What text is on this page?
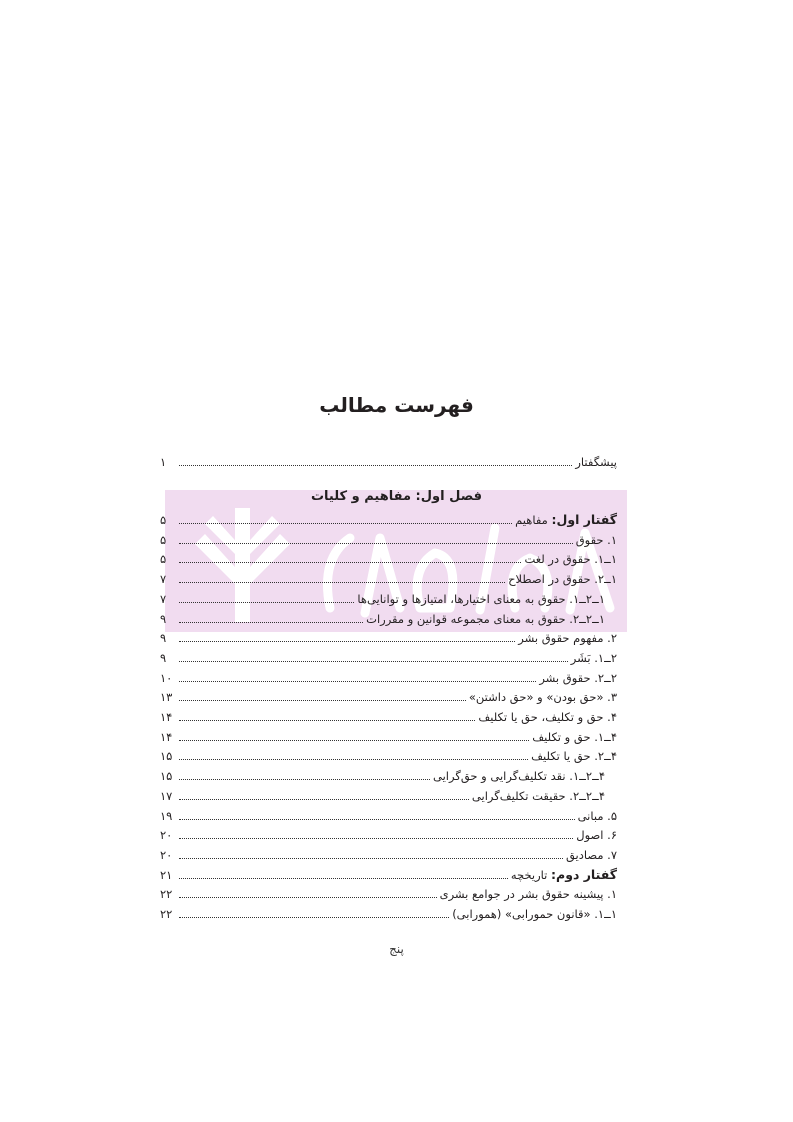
فهرست مطالب
پیشگفتار
۱
فصل اول: مفاهیم و کلیات
گفتار اول: مفاهیم
۵
۱. حقوق
۵
۱ــ۱. حقوق در لغت
۵
۱ــ۲. حقوق در اصطلاح
۷
۱ــ۲ــ۱. حقوق به معنای اختیارها، امتیازها و توانایی‌ها
۷
۱ــ۲ــ۲. حقوق به معنای مجموعه قوانین و مقررات
۹
۲. مفهوم حقوق بشر
۹
۲ــ۱. بَشَر
۹
۲ــ۲. حقوق بشر
۱۰
۳. «حق بودن» و «حق داشتن»
۱۳
۴. حق و تکلیف، حق یا تکلیف
۱۴
۴ــ۱. حق و تکلیف
۱۴
۴ــ۲. حق یا تکلیف
۱۵
۴ــ۲ــ۱. نقد تکلیف‌گرایی و حق‌گرایی
۱۵
۴ــ۲ــ۲. حقیقت تکلیف‌گرایی
۱۷
۵. مبانی
۱۹
۶. اصول
۲۰
۷. مصادیق
۲۰
گفتار دوم: تاریخچه
۲۱
۱. پیشینه حقوق بشر در جوامع بشری
۲۲
۱ــ۱. «قانون حمورابی» (همورابی)
۲۲
پنج
